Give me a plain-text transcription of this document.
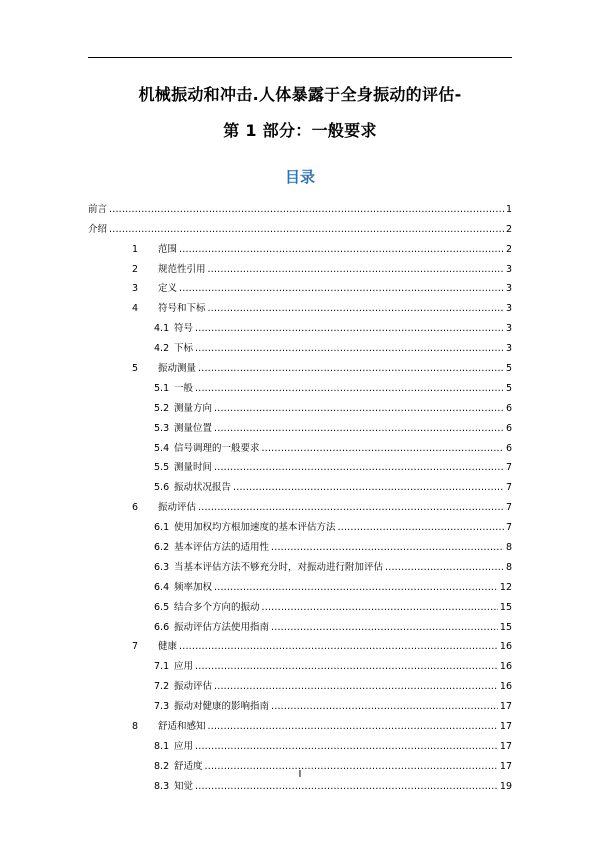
机械振动和冲击.人体暴露于全身振动的评估-
第 1 部分：一般要求
目录
前言 .....	1
介绍 .....	2
1	范围 .....	2
2	规范性引用 .....	3
3	定义 .....	3
4	符号和下标 .....	3
4.1 符号 .....	3
4.2 下标 .....	3
5	振动测量 .....	5
5.1 一般 .....	5
5.2 测量方向 .....	6
5.3 测量位置 .....	6
5.4 信号调理的一般要求 .....	6
5.5 测量时间 .....	7
5.6 振动状况报告 .....	7
6	振动评估 .....	7
6.1 使用加权均方根加速度的基本评估方法 .....	7
6.2 基本评估方法的适用性 .....	8
6.3 当基本评估方法不够充分时，对振动进行附加评估 .....	8
6.4 频率加权 .....	12
6.5 结合多个方向的振动 .....	15
6.6 振动评估方法使用指南 .....	15
7	健康 .....	16
7.1 应用 .....	16
7.2 振动评估 .....	16
7.3 振动对健康的影响指南 .....	17
8	舒适和感知 .....	17
8.1 应用 .....	17
8.2 舒适度 .....	17
8.3 知觉 .....	19
I
